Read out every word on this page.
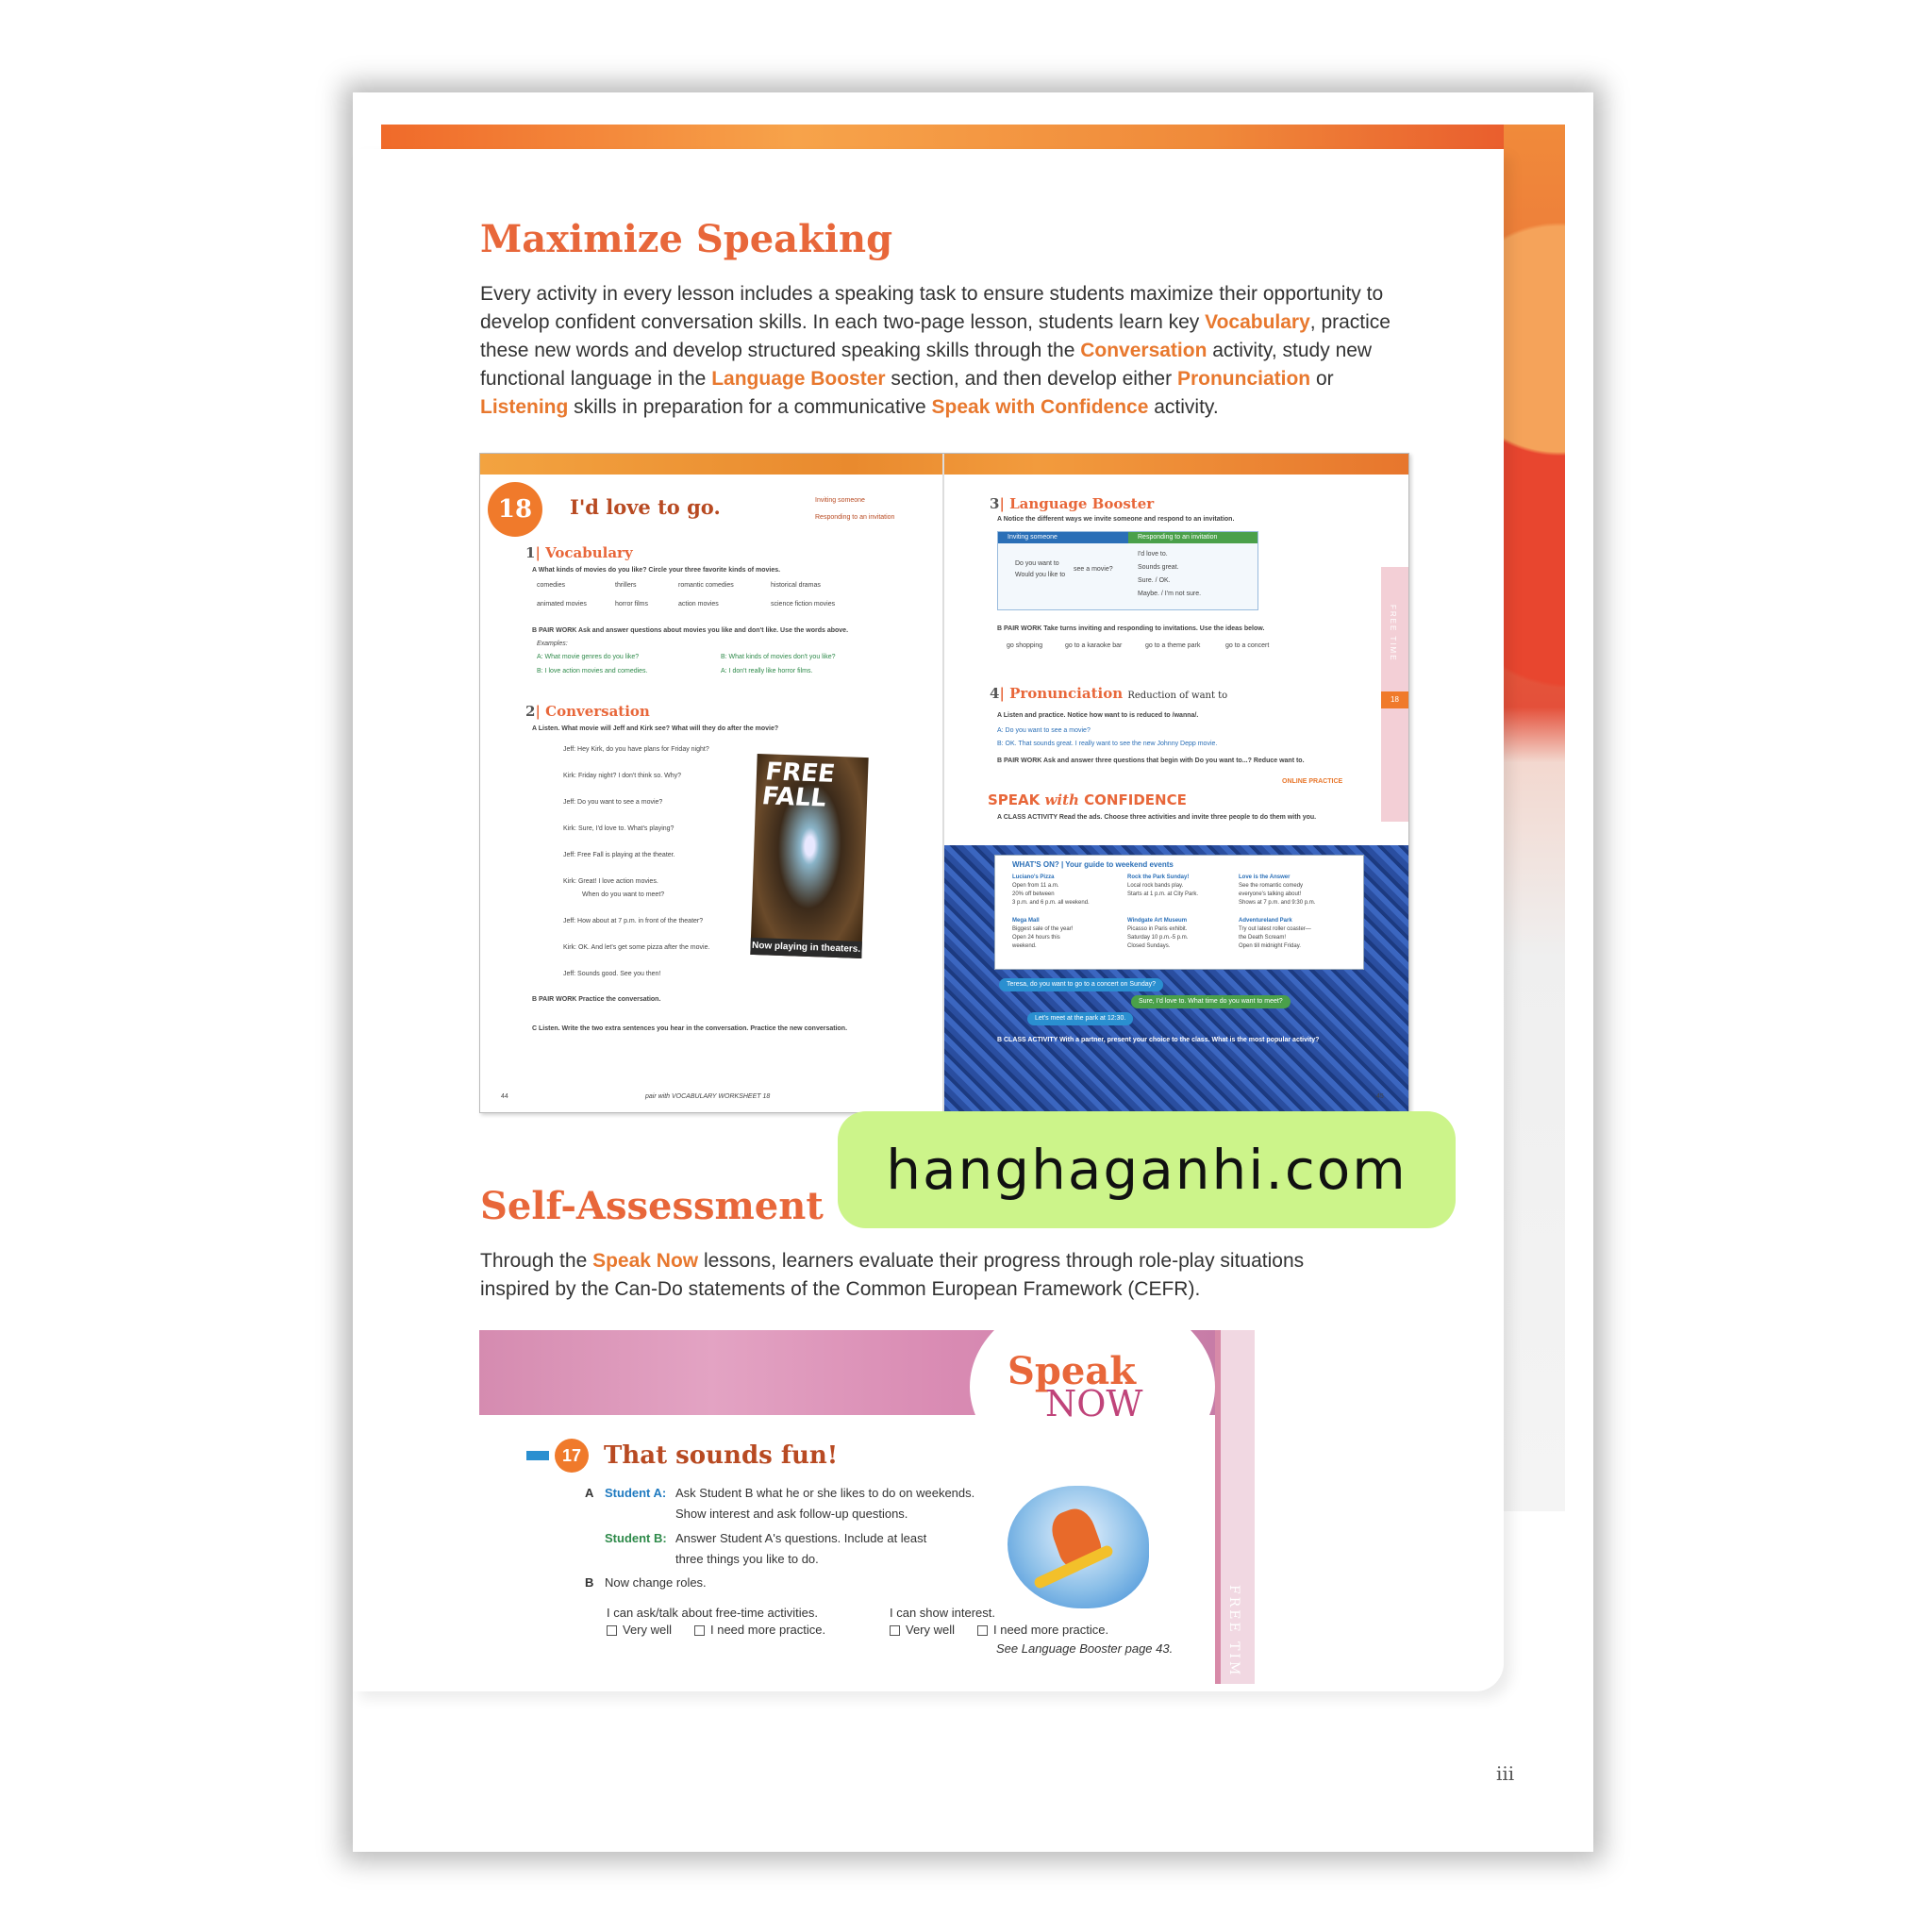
Maximize Speaking
Every activity in every lesson includes a speaking task to ensure students maximize their opportunity to
develop confident conversation skills. In each two-page lesson, students learn key Vocabulary, practice
these new words and develop structured speaking skills through the Conversation activity, study new
functional language in the Language Booster section, and then develop either Pronunciation or
Listening skills in preparation for a communicative Speak with Confidence activity.
18	I'd love to go.	Inviting someone
Responding to an invitation
1| Vocabulary
A What kinds of movies do you like? Circle your three favorite kinds of movies.
comedies	thrillers	romantic comedies	historical dramas
animated movies	horror films	action movies	science fiction movies
B PAIR WORK Ask and answer questions about movies you like and don't like. Use the words above.
Examples:
A: What movie genres do you like?
B: I love action movies and comedies.
B: What kinds of movies don't you like?
A: I don't really like horror films.
2| Conversation
A Listen. What movie will Jeff and Kirk see? What will they do after the movie?
Jeff: Hey Kirk, do you have plans for Friday night?
Kirk: Friday night? I don't think so. Why?
Jeff: Do you want to see a movie?
Kirk: Sure, I'd love to. What's playing?
Jeff: Free Fall is playing at the theater.
Kirk: Great! I love action movies.
When do you want to meet?
Jeff: How about at 7 p.m. in front of the theater?
Kirk: OK. And let's get some pizza after the movie.
Jeff: Sounds good. See you then!
B PAIR WORK Practice the conversation.
C Listen. Write the two extra sentences you hear in the conversation. Practice the new conversation.
FREE FALL
Now playing in theaters.
3| Language Booster
A Notice the different ways we invite someone and respond to an invitation.
Inviting someone	Responding to an invitation
Do you want to
Would you like to
see a movie?
I'd love to.
Sounds great.
Sure. / OK.
Maybe. / I'm not sure.
B PAIR WORK Take turns inviting and responding to invitations. Use the ideas below.
go shopping	go to a karaoke bar	go to a theme park	go to a concert
4| Pronunciation Reduction of want to
A Listen and practice. Notice how want to is reduced to /wanna/.
A: Do you want to see a movie?
B: OK. That sounds great. I really want to see the new Johnny Depp movie.
B PAIR WORK Ask and answer three questions that begin with Do you want to...? Reduce want to.
ONLINE PRACTICE
SPEAK with CONFIDENCE
A CLASS ACTIVITY Read the ads. Choose three activities and invite three people to do them with you.
WHAT'S ON? | Your guide to weekend events
Luciano's Pizza
Open from 11 a.m.
20% off between
3 p.m. and 6 p.m. all weekend.
Rock the Park Sunday!
Local rock bands play.
Starts at 1 p.m. at City Park.
Love is the Answer
See the romantic comedy
everyone's talking about!
Shows at 7 p.m. and 9:30 p.m.
Mega Mall
Biggest sale of the year!
Open 24 hours this
weekend.
Windgate Art Museum
Picasso in Paris exhibit.
Saturday 10 p.m.-5 p.m.
Closed Sundays.
Adventureland Park
Try out latest roller coaster—
the Death Scream!
Open till midnight Friday.
Teresa, do you want to go to a concert on Sunday?
Sure, I'd love to. What time do you want to meet?
Let's meet at the park at 12:30.
B CLASS ACTIVITY With a partner, present your choice to the class. What is the most popular activity?
FREE TIME
18
44	pair with VOCABULARY WORKSHEET 18	45
hanghaganhi.com
Self-Assessment
Through the Speak Now lessons, learners evaluate their progress through role-play situations
inspired by the Can-Do statements of the Common European Framework (CEFR).
FREE TIM
Speak
NOW
17 That sounds fun!
A Student A: Ask Student B what he or she likes to do on weekends.
Show interest and ask follow-up questions.
Student B: Answer Student A's questions. Include at least
three things you like to do.
B Now change roles.
I can ask/talk about free-time activities.
Very well	I need more practice.
I can show interest.
Very well	I need more practice.
See Language Booster page 43.
iii
